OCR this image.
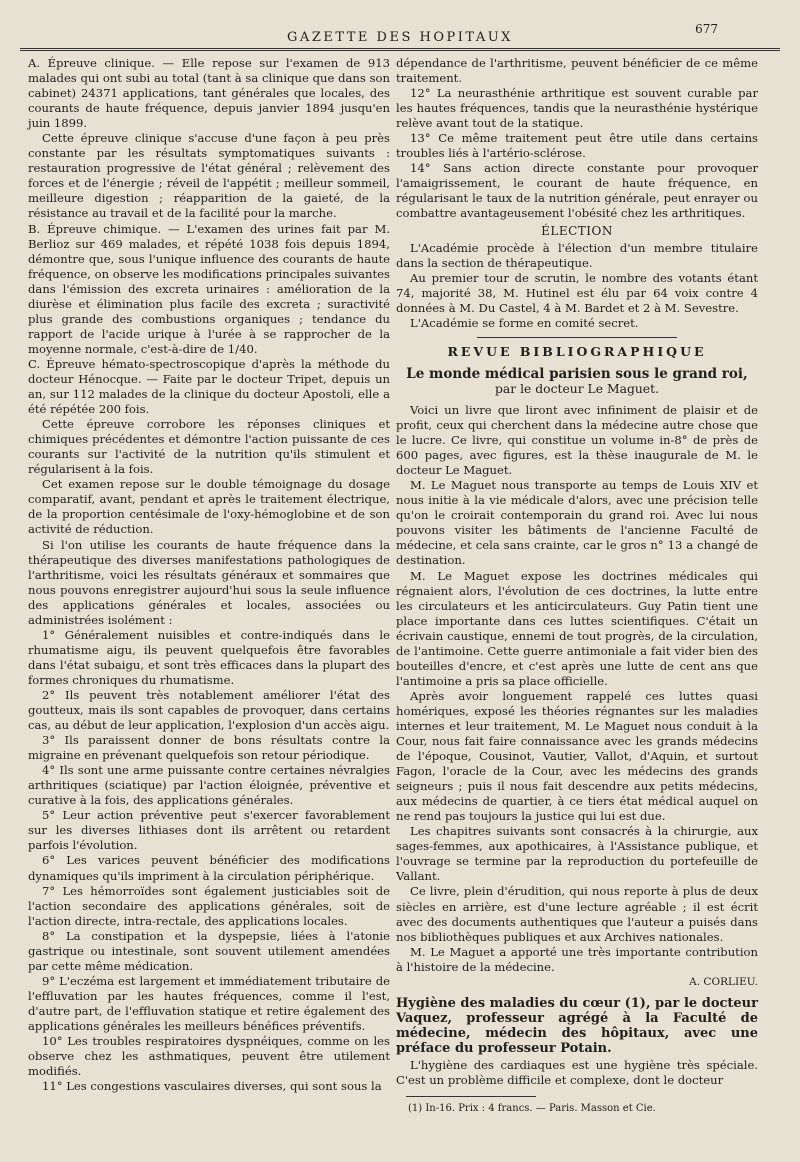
GAZETTE DES HOPITAUX
677

A. Épreuve clinique. — Elle repose sur l'examen de 913 malades qui ont subi au total (tant à sa clinique que dans son cabinet) 24371 applications, tant générales que locales, des courants de haute fréquence, depuis janvier 1894 jusqu'en juin 1899.

Cette épreuve clinique s'accuse d'une façon à peu près constante par les résultats symptomatiques suivants : restauration progressive de l'état général ; relèvement des forces et de l'énergie ; réveil de l'appétit ; meilleur sommeil, meilleure digestion ; réapparition de la gaieté, de la résistance au travail et de la facilité pour la marche.

B. Épreuve chimique. — L'examen des urines fait par M. Berlioz sur 469 malades, et répété 1038 fois depuis 1894, démontre que, sous l'unique influence des courants de haute fréquence, on observe les modifications principales suivantes dans l'émission des excreta urinaires : amélioration de la diurèse et élimination plus facile des excreta ; suractivité plus grande des combustions organiques ; tendance du rapport de l'acide urique à l'urée à se rapprocher de la moyenne normale, c'est-à-dire de 1/40.

C. Épreuve hémato-spectroscopique d'après la méthode du docteur Hénocque. — Faite par le docteur Tripet, depuis un an, sur 112 malades de la clinique du docteur Apostoli, elle a été répétée 200 fois.

Cette épreuve corrobore les réponses cliniques et chimiques précédentes et démontre l'action puissante de ces courants sur l'activité de la nutrition qu'ils stimulent et régularisent à la fois.

Cet examen repose sur le double témoignage du dosage comparatif, avant, pendant et après le traitement électrique, de la proportion centésimale de l'oxy-hémoglobine et de son activité de réduction.

Si l'on utilise les courants de haute fréquence dans la thérapeutique des diverses manifestations pathologiques de l'arthritisme, voici les résultats généraux et sommaires que nous pouvons enregistrer aujourd'hui sous la seule influence des applications générales et locales, associées ou administrées isolément :

1° Généralement nuisibles et contre-indiqués dans le rhumatisme aigu, ils peuvent quelquefois être favorables dans l'état subaigu, et sont très efficaces dans la plupart des formes chroniques du rhumatisme.

2° Ils peuvent très notablement améliorer l'état des goutteux, mais ils sont capables de provoquer, dans certains cas, au début de leur application, l'explosion d'un accès aigu.

3° Ils paraissent donner de bons résultats contre la migraine en prévenant quelquefois son retour périodique.

4° Ils sont une arme puissante contre certaines névralgies arthritiques (sciatique) par l'action éloignée, préventive et curative à la fois, des applications générales.

5° Leur action préventive peut s'exercer favorablement sur les diverses lithiases dont ils arrêtent ou retardent parfois l'évolution.

6° Les varices peuvent bénéficier des modifications dynamiques qu'ils impriment à la circulation périphérique.

7° Les hémorroïdes sont également justiciables soit de l'action secondaire des applications générales, soit de l'action directe, intra-rectale, des applications locales.

8° La constipation et la dyspepsie, liées à l'atonie gastrique ou intestinale, sont souvent utilement amendées par cette même médication.

9° L'eczéma est largement et immédiatement tributaire de l'effluvation par les hautes fréquences, comme il l'est, d'autre part, de l'effluvation statique et retire également des applications générales les meilleurs bénéfices préventifs.

10° Les troubles respiratoires dyspnéiques, comme on les observe chez les asthmatiques, peuvent être utilement modifiés.

11° Les congestions vasculaires diverses, qui sont sous la

dépendance de l'arthritisme, peuvent bénéficier de ce même traitement.

12° La neurasthénie arthritique est souvent curable par les hautes fréquences, tandis que la neurasthénie hystérique relève avant tout de la statique.

13° Ce même traitement peut être utile dans certains troubles liés à l'artério-sclérose.

14° Sans action directe constante pour provoquer l'amaigrissement, le courant de haute fréquence, en régularisant le taux de la nutrition générale, peut enrayer ou combattre avantageusement l'obésité chez les arthritiques.

ÉLECTION

L'Académie procède à l'élection d'un membre titulaire dans la section de thérapeutique.

Au premier tour de scrutin, le nombre des votants étant 74, majorité 38, M. Hutinel est élu par 64 voix contre 4 données à M. Du Castel, 4 à M. Bardet et 2 à M. Sevestre.

L'Académie se forme en comité secret.

REVUE BIBLIOGRAPHIQUE
Le monde médical parisien sous le grand roi,
par le docteur Le Maguet.

Voici un livre que liront avec infiniment de plaisir et de profit, ceux qui cherchent dans la médecine autre chose que le lucre. Ce livre, qui constitue un volume in-8° de près de 600 pages, avec figures, est la thèse inaugurale de M. le docteur Le Maguet.

M. Le Maguet nous transporte au temps de Louis XIV et nous initie à la vie médicale d'alors, avec une précision telle qu'on le croirait contemporain du grand roi. Avec lui nous pouvons visiter les bâtiments de l'ancienne Faculté de médecine, et cela sans crainte, car le gros n° 13 a changé de destination.

M. Le Maguet expose les doctrines médicales qui régnaient alors, l'évolution de ces doctrines, la lutte entre les circulateurs et les anticirculateurs. Guy Patin tient une place importante dans ces luttes scientifiques. C'était un écrivain caustique, ennemi de tout progrès, de la circulation, de l'antimoine. Cette guerre antimoniale a fait vider bien des bouteilles d'encre, et c'est après une lutte de cent ans que l'antimoine a pris sa place officielle.

Après avoir longuement rappelé ces luttes quasi homériques, exposé les théories régnantes sur les maladies internes et leur traitement, M. Le Maguet nous conduit à la Cour, nous fait faire connaissance avec les grands médecins de l'époque, Cousinot, Vautier, Vallot, d'Aquin, et surtout Fagon, l'oracle de la Cour, avec les médecins des grands seigneurs ; puis il nous fait descendre aux petits médecins, aux médecins de quartier, à ce tiers état médical auquel on ne rend pas toujours la justice qui lui est due.

Les chapitres suivants sont consacrés à la chirurgie, aux sages-femmes, aux apothicaires, à l'Assistance publique, et l'ouvrage se termine par la reproduction du portefeuille de Vallant.

Ce livre, plein d'érudition, qui nous reporte à plus de deux siècles en arrière, est d'une lecture agréable ; il est écrit avec des documents authentiques que l'auteur a puisés dans nos bibliothèques publiques et aux Archives nationales.

M. Le Maguet a apporté une très importante contribution à l'histoire de la médecine.

A. CORLIEU.
Hygiène des maladies du cœur (1), par le docteur Vaquez, professeur agrégé à la Faculté de médecine, médecin des hôpitaux, avec une préface du professeur Potain.

L'hygiène des cardiaques est une hygiène très spéciale. C'est un problème difficile et complexe, dont le docteur

(1) In-16. Prix : 4 francs. — Paris. Masson et Cie.
